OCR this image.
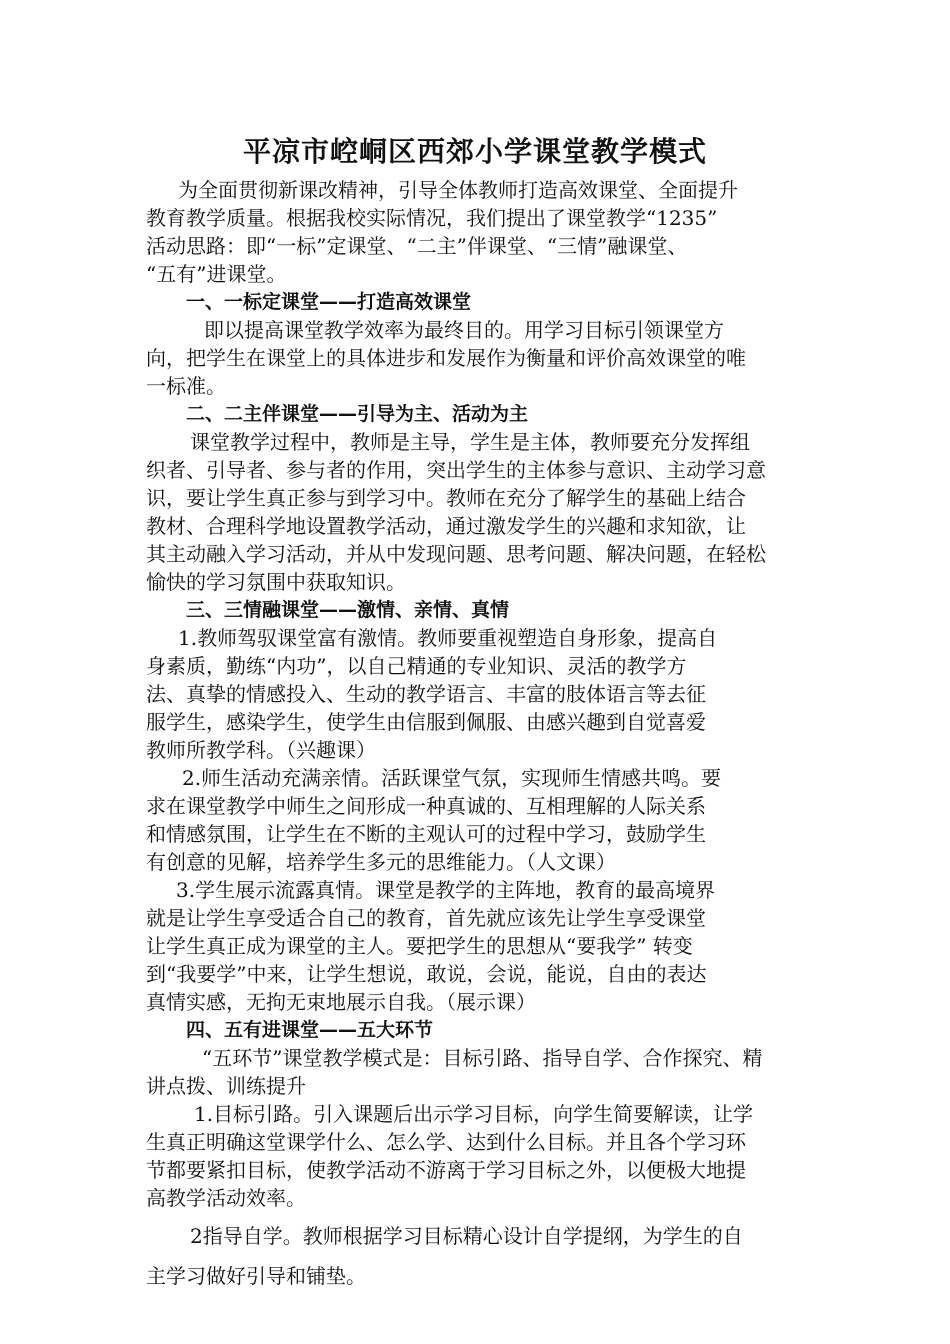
平凉市崆峒区西郊小学课堂教学模式
为全面贯彻新课改精神，引导全体教师打造高效课堂、全面提升
教育教学质量。根据我校实际情况，我们提出了课堂教学“1235”
活动思路：即“一标”定课堂、“二主”伴课堂、“三情”融课堂、
“五有”进课堂。
一、一标定课堂——打造高效课堂
即以提高课堂教学效率为最终目的。用学习目标引领课堂方
向，把学生在课堂上的具体进步和发展作为衡量和评价高效课堂的唯
一标准。
二、二主伴课堂——引导为主、活动为主
课堂教学过程中，教师是主导，学生是主体，教师要充分发挥组
织者、引导者、参与者的作用，突出学生的主体参与意识、主动学习意
识，要让学生真正参与到学习中。教师在充分了解学生的基础上结合
教材、合理科学地设置教学活动，通过激发学生的兴趣和求知欲，让
其主动融入学习活动，并从中发现问题、思考问题、解决问题，在轻松
愉快的学习氛围中获取知识。
三、三情融课堂——激情、亲情、真情
1.教师驾驭课堂富有激情。教师要重视塑造自身形象，提高自
身素质，勤练“内功”，以自己精通的专业知识、灵活的教学方
法、真挚的情感投入、生动的教学语言、丰富的肢体语言等去征
服学生，感染学生，使学生由信服到佩服、由感兴趣到自觉喜爱
教师所教学科。（兴趣课）
2.师生活动充满亲情。活跃课堂气氛，实现师生情感共鸣。要
求在课堂教学中师生之间形成一种真诚的、互相理解的人际关系
和情感氛围，让学生在不断的主观认可的过程中学习，鼓励学生
有创意的见解，培养学生多元的思维能力。（人文课）
3.学生展示流露真情。课堂是教学的主阵地，教育的最高境界
就是让学生享受适合自己的教育，首先就应该先让学生享受课堂
让学生真正成为课堂的主人。要把学生的思想从“要我学” 转变
到“我要学”中来，让学生想说，敢说，会说，能说，自由的表达
真情实感，无拘无束地展示自我。（展示课）
四、五有进课堂——五大环节
“五环节”课堂教学模式是：目标引路、指导自学、合作探究、精
讲点拨、训练提升
1.目标引路。引入课题后出示学习目标，向学生简要解读，让学
生真正明确这堂课学什么、怎么学、达到什么目标。并且各个学习环
节都要紧扣目标，使教学活动不游离于学习目标之外，以便极大地提
高教学活动效率。
2指导自学。教师根据学习目标精心设计自学提纲，为学生的自
主学习做好引导和铺垫。
